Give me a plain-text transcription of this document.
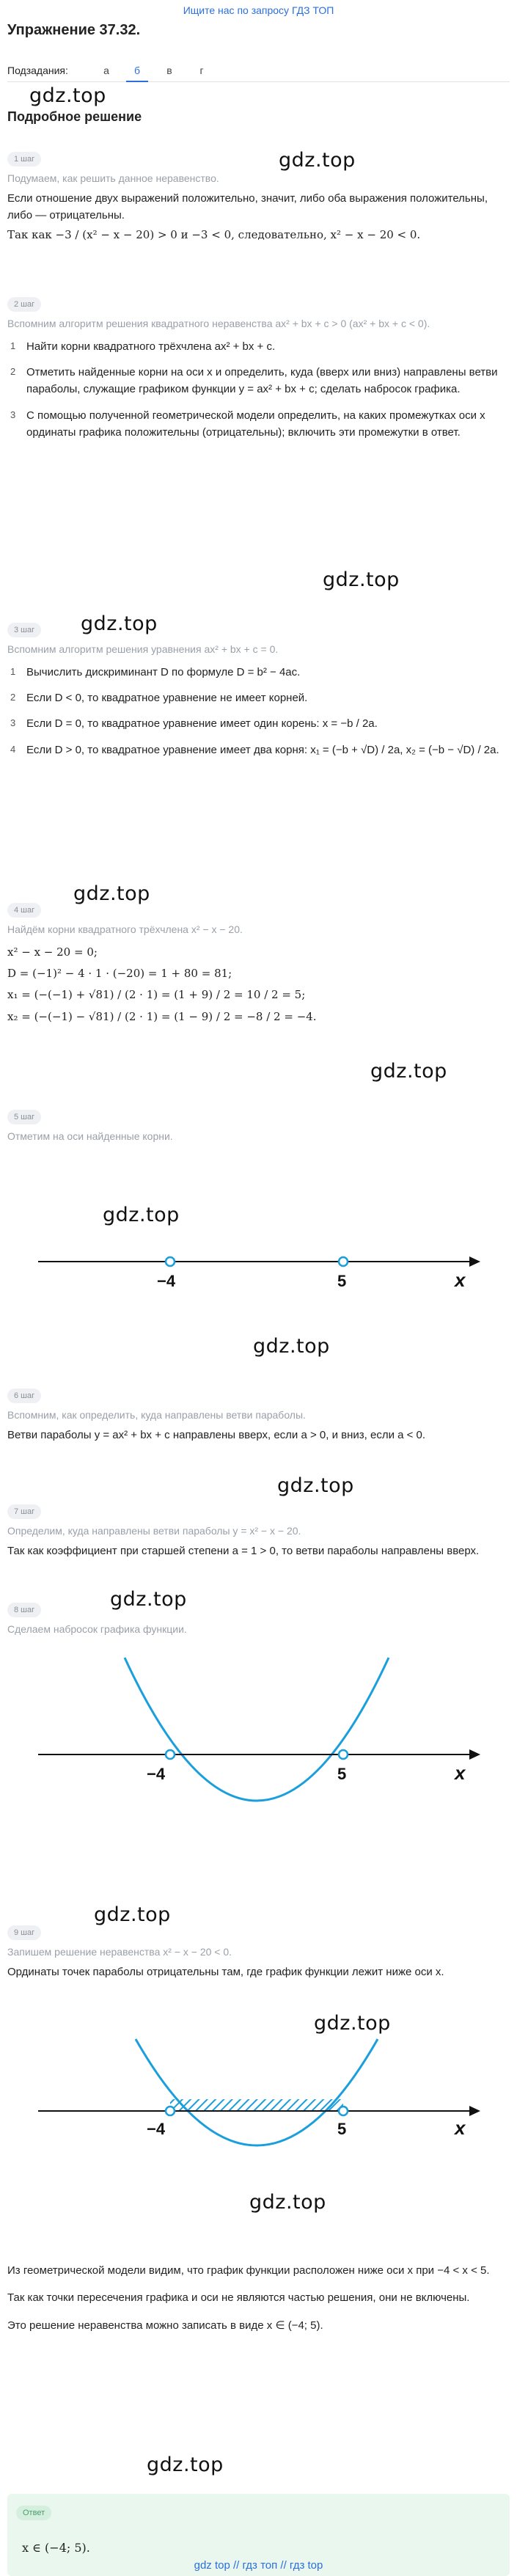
Ищите нас по запросу ГДЗ ТОП
Упражнение 37.32.
Подзадания:	а	б	в	г
gdz.top
Подробное решение
gdz.top
1 шаг
Подумаем, как решить данное неравенство.
Если отношение двух выражений положительно, значит, либо оба выражения положительны, либо — отрицательны.
Так как −3 / (x² − x − 20) > 0 и −3 < 0, следовательно, x² − x − 20 < 0.
2 шаг
Вспомним алгоритм решения квадратного неравенства ax² + bx + c > 0 (ax² + bx + c < 0).
1 Найти корни квадратного трёхчлена ax² + bx + c.
2 Отметить найденные корни на оси x и определить, куда (вверх или вниз) направлены ветви параболы, служащие графиком функции y = ax² + bx + c; сделать набросок графика.
3 С помощью полученной геометрической модели определить, на каких промежутках оси x ординаты графика положительны (отрицательны); включить эти промежутки в ответ.
gdz.top
gdz.top
3 шаг
Вспомним алгоритм решения уравнения ax² + bx + c = 0.
1 Вычислить дискриминант D по формуле D = b² − 4ac.
2 Если D < 0, то квадратное уравнение не имеет корней.
3 Если D = 0, то квадратное уравнение имеет один корень: x = −b / 2a.
4 Если D > 0, то квадратное уравнение имеет два корня: x₁ = (−b + √D) / 2a, x₂ = (−b − √D) / 2a.
gdz.top
4 шаг
Найдём корни квадратного трёхчлена x² − x − 20.
x² − x − 20 = 0;
D = (−1)² − 4 · 1 · (−20) = 1 + 80 = 81;
x₁ = (−(−1) + √81) / (2 · 1) = (1 + 9) / 2 = 10 / 2 = 5;
x₂ = (−(−1) − √81) / (2 · 1) = (1 − 9) / 2 = −8 / 2 = −4.
gdz.top
5 шаг
Отметим на оси найденные корни.
gdz.top
−4	5	x
gdz.top
6 шаг
Вспомним, как определить, куда направлены ветви параболы.
Ветви параболы y = ax² + bx + c направлены вверх, если a > 0, и вниз, если a < 0.
gdz.top
7 шаг
Определим, куда направлены ветви параболы y = x² − x − 20.
Так как коэффициент при старшей степени a = 1 > 0, то ветви параболы направлены вверх.
gdz.top
8 шаг
Сделаем набросок графика функции.
−4	5	x
gdz.top
9 шаг
Запишем решение неравенства x² − x − 20 < 0.
Ординаты точек параболы отрицательны там, где график функции лежит ниже оси x.
gdz.top
−4	5	x
gdz.top
Из геометрической модели видим, что график функции расположен ниже оси x при −4 < x < 5.
Так как точки пересечения графика и оси не являются частью решения, они не включены.
Это решение неравенства можно записать в виде x ∈ (−4; 5).
gdz.top
Ответ
x ∈ (−4; 5).
gdz top // гдз топ // гдз top
